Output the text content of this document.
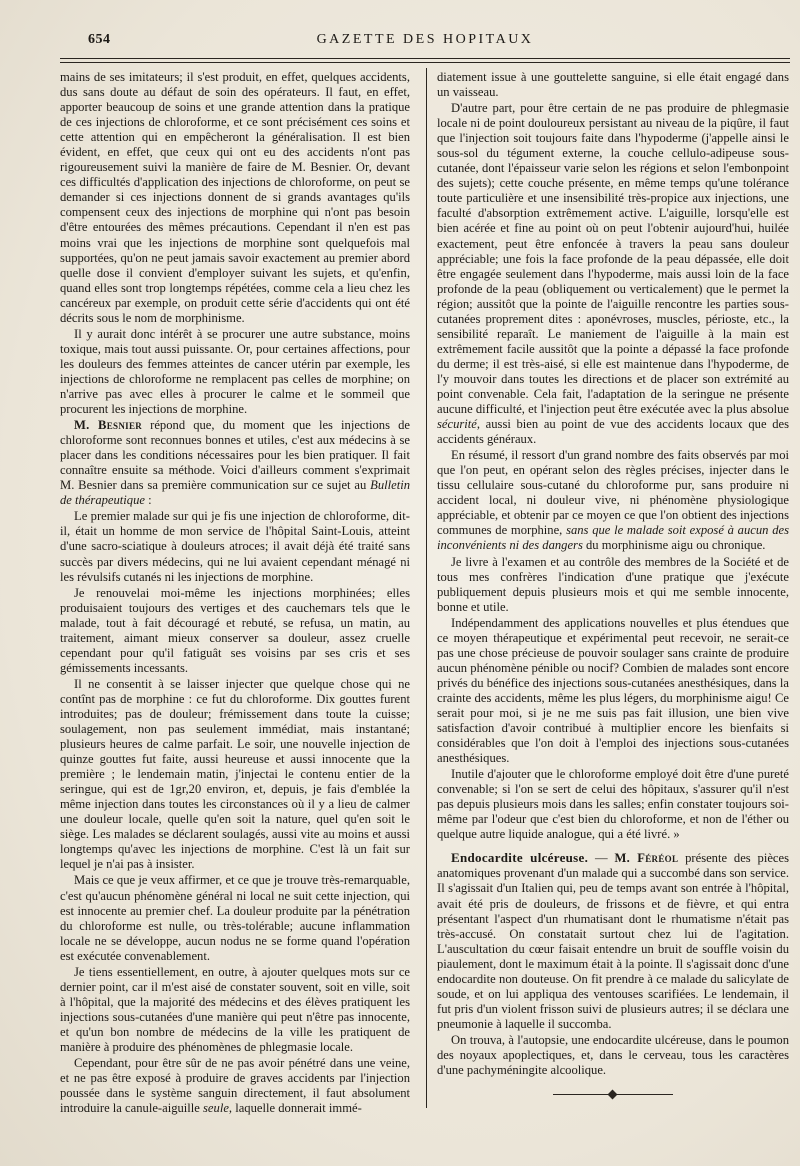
654	GAZETTE DES HOPITAUX

mains de ses imitateurs; il s'est produit, en effet, quelques accidents, dus sans doute au défaut de soin des opérateurs. Il faut, en effet, apporter beaucoup de soins et une grande attention dans la pratique de ces injections de chloroforme, et ce sont précisément ces soins et cette attention qui en empêcheront la généralisation. Il est bien évident, en effet, que ceux qui ont eu des accidents n'ont pas rigoureusement suivi la manière de faire de M. Besnier. Or, devant ces difficultés d'application des injections de chloroforme, on peut se demander si ces injections donnent de si grands avantages qu'ils compensent ceux des injections de morphine qui n'ont pas besoin d'être entourées des mêmes précautions. Cependant il n'en est pas moins vrai que les injections de morphine sont quelquefois mal supportées, qu'on ne peut jamais savoir exactement au premier abord quelle dose il convient d'employer suivant les sujets, et qu'enfin, quand elles sont trop longtemps répétées, comme cela a lieu chez les cancéreux par exemple, on produit cette série d'accidents qui ont été décrits sous le nom de morphinisme.

Il y aurait donc intérêt à se procurer une autre substance, moins toxique, mais tout aussi puissante. Or, pour certaines affections, pour les douleurs des femmes atteintes de cancer utérin par exemple, les injections de chloroforme ne remplacent pas celles de morphine; on n'arrive pas avec elles à procurer le calme et le sommeil que procurent les injections de morphine.

M. Besnier répond que, du moment que les injections de chloroforme sont reconnues bonnes et utiles, c'est aux médecins à se placer dans les conditions nécessaires pour les bien pratiquer. Il fait connaître ensuite sa méthode. Voici d'ailleurs comment s'exprimait M. Besnier dans sa première communication sur ce sujet au Bulletin de thérapeutique :

Le premier malade sur qui je fis une injection de chloroforme, dit-il, était un homme de mon service de l'hôpital Saint-Louis, atteint d'une sacro-sciatique à douleurs atroces; il avait déjà été traité sans succès par divers médecins, qui ne lui avaient cependant ménagé ni les révulsifs cutanés ni les injections de morphine.

Je renouvelai moi-même les injections morphinées; elles produisaient toujours des vertiges et des cauchemars tels que le malade, tout à fait découragé et rebuté, se refusa, un matin, au traitement, aimant mieux conserver sa douleur, assez cruelle cependant pour qu'il fatiguât ses voisins par ses cris et ses gémissements incessants.

Il ne consentit à se laisser injecter que quelque chose qui ne contînt pas de morphine : ce fut du chloroforme. Dix gouttes furent introduites; pas de douleur; frémissement dans toute la cuisse; soulagement, non pas seulement immédiat, mais instantané; plusieurs heures de calme parfait. Le soir, une nouvelle injection de quinze gouttes fut faite, aussi heureuse et aussi innocente que la première ; le lendemain matin, j'injectai le contenu entier de la seringue, qui est de 1gr,20 environ, et, depuis, je fais d'emblée la même injection dans toutes les circonstances où il y a lieu de calmer une douleur locale, quelle qu'en soit la nature, quel qu'en soit le siège. Les malades se déclarent soulagés, aussi vite au moins et aussi longtemps qu'avec les injections de morphine. C'est là un fait sur lequel je n'ai pas à insister.

Mais ce que je veux affirmer, et ce que je trouve très-remarquable, c'est qu'aucun phénomène général ni local ne suit cette injection, qui est innocente au premier chef. La douleur produite par la pénétration du chloroforme est nulle, ou très-tolérable; aucune inflammation locale ne se développe, aucun nodus ne se forme quand l'opération est exécutée convenablement.

Je tiens essentiellement, en outre, à ajouter quelques mots sur ce dernier point, car il m'est aisé de constater souvent, soit en ville, soit à l'hôpital, que la majorité des médecins et des élèves pratiquent les injections sous-cutanées d'une manière qui peut n'être pas innocente, et qu'un bon nombre de médecins de la ville les pratiquent de manière à produire des phénomènes de phlegmasie locale.

Cependant, pour être sûr de ne pas avoir pénétré dans une veine, et ne pas être exposé à produire de graves accidents par l'injection poussée dans le système sanguin directement, il faut absolument introduire la canule-aiguille seule, laquelle donnerait immé-

diatement issue à une gouttelette sanguine, si elle était engagé dans un vaisseau.

D'autre part, pour être certain de ne pas produire de phlegmasie locale ni de point douloureux persistant au niveau de la piqûre, il faut que l'injection soit toujours faite dans l'hypoderme (j'appelle ainsi le sous-sol du tégument externe, la couche cellulo-adipeuse sous-cutanée, dont l'épaisseur varie selon les régions et selon l'embonpoint des sujets); cette couche présente, en même temps qu'une tolérance toute particulière et une insensibilité très-propice aux injections, une faculté d'absorption extrêmement active. L'aiguille, lorsqu'elle est bien acérée et fine au point où on peut l'obtenir aujourd'hui, huilée exactement, peut être enfoncée à travers la peau sans douleur appréciable; une fois la face profonde de la peau dépassée, elle doit être engagée seulement dans l'hypoderme, mais aussi loin de la face profonde de la peau (obliquement ou verticalement) que le permet la région; aussitôt que la pointe de l'aiguille rencontre les parties sous-cutanées proprement dites : aponévroses, muscles, périoste, etc., la sensibilité reparaît. Le maniement de l'aiguille à la main est extrêmement facile aussitôt que la pointe a dépassé la face profonde du derme; il est très-aisé, si elle est maintenue dans l'hypoderme, de l'y mouvoir dans toutes les directions et de placer son extrémité au point convenable. Cela fait, l'adaptation de la seringue ne présente aucune difficulté, et l'injection peut être exécutée avec la plus absolue sécurité, aussi bien au point de vue des accidents locaux que des accidents généraux.

En résumé, il ressort d'un grand nombre des faits observés par moi que l'on peut, en opérant selon des règles précises, injecter dans le tissu cellulaire sous-cutané du chloroforme pur, sans produire ni accident local, ni douleur vive, ni phénomène physiologique appréciable, et obtenir par ce moyen ce que l'on obtient des injections communes de morphine, sans que le malade soit exposé à aucun des inconvénients ni des dangers du morphinisme aigu ou chronique.

Je livre à l'examen et au contrôle des membres de la Société et de tous mes confrères l'indication d'une pratique que j'exécute publiquement depuis plusieurs mois et qui me semble innocente, bonne et utile.

Indépendamment des applications nouvelles et plus étendues que ce moyen thérapeutique et expérimental peut recevoir, ne serait-ce pas une chose précieuse de pouvoir soulager sans crainte de produire aucun phénomène pénible ou nocif? Combien de malades sont encore privés du bénéfice des injections sous-cutanées anesthésiques, dans la crainte des accidents, même les plus légers, du morphinisme aigu! Ce serait pour moi, si je ne me suis pas fait illusion, une bien vive satisfaction d'avoir contribué à multiplier encore les bienfaits si considérables que l'on doit à l'emploi des injections sous-cutanées anesthésiques.

Inutile d'ajouter que le chloroforme employé doit être d'une pureté convenable; si l'on se sert de celui des hôpitaux, s'assurer qu'il n'est pas depuis plusieurs mois dans les salles; enfin constater toujours soi-même par l'odeur que c'est bien du chloroforme, et non de l'éther ou quelque autre liquide analogue, qui a été livré. »

Endocardite ulcéreuse. — M. Féréol présente des pièces anatomiques provenant d'un malade qui a succombé dans son service. Il s'agissait d'un Italien qui, peu de temps avant son entrée à l'hôpital, avait été pris de douleurs, de frissons et de fièvre, et qui entra présentant l'aspect d'un rhumatisant dont le rhumatisme n'était pas très-accusé. On constatait surtout chez lui de l'agitation. L'auscultation du cœur faisait entendre un bruit de souffle voisin du piaulement, dont le maximum était à la pointe. Il s'agissait donc d'une endocardite non douteuse. On fit prendre à ce malade du salicylate de soude, et on lui appliqua des ventouses scarifiées. Le lendemain, il fut pris d'un violent frisson suivi de plusieurs autres; il se déclara une pneumonie à laquelle il succomba.

On trouva, à l'autopsie, une endocardite ulcéreuse, dans le poumon des noyaux apoplectiques, et, dans le cerveau, tous les caractères d'une pachyméningite alcoolique.
